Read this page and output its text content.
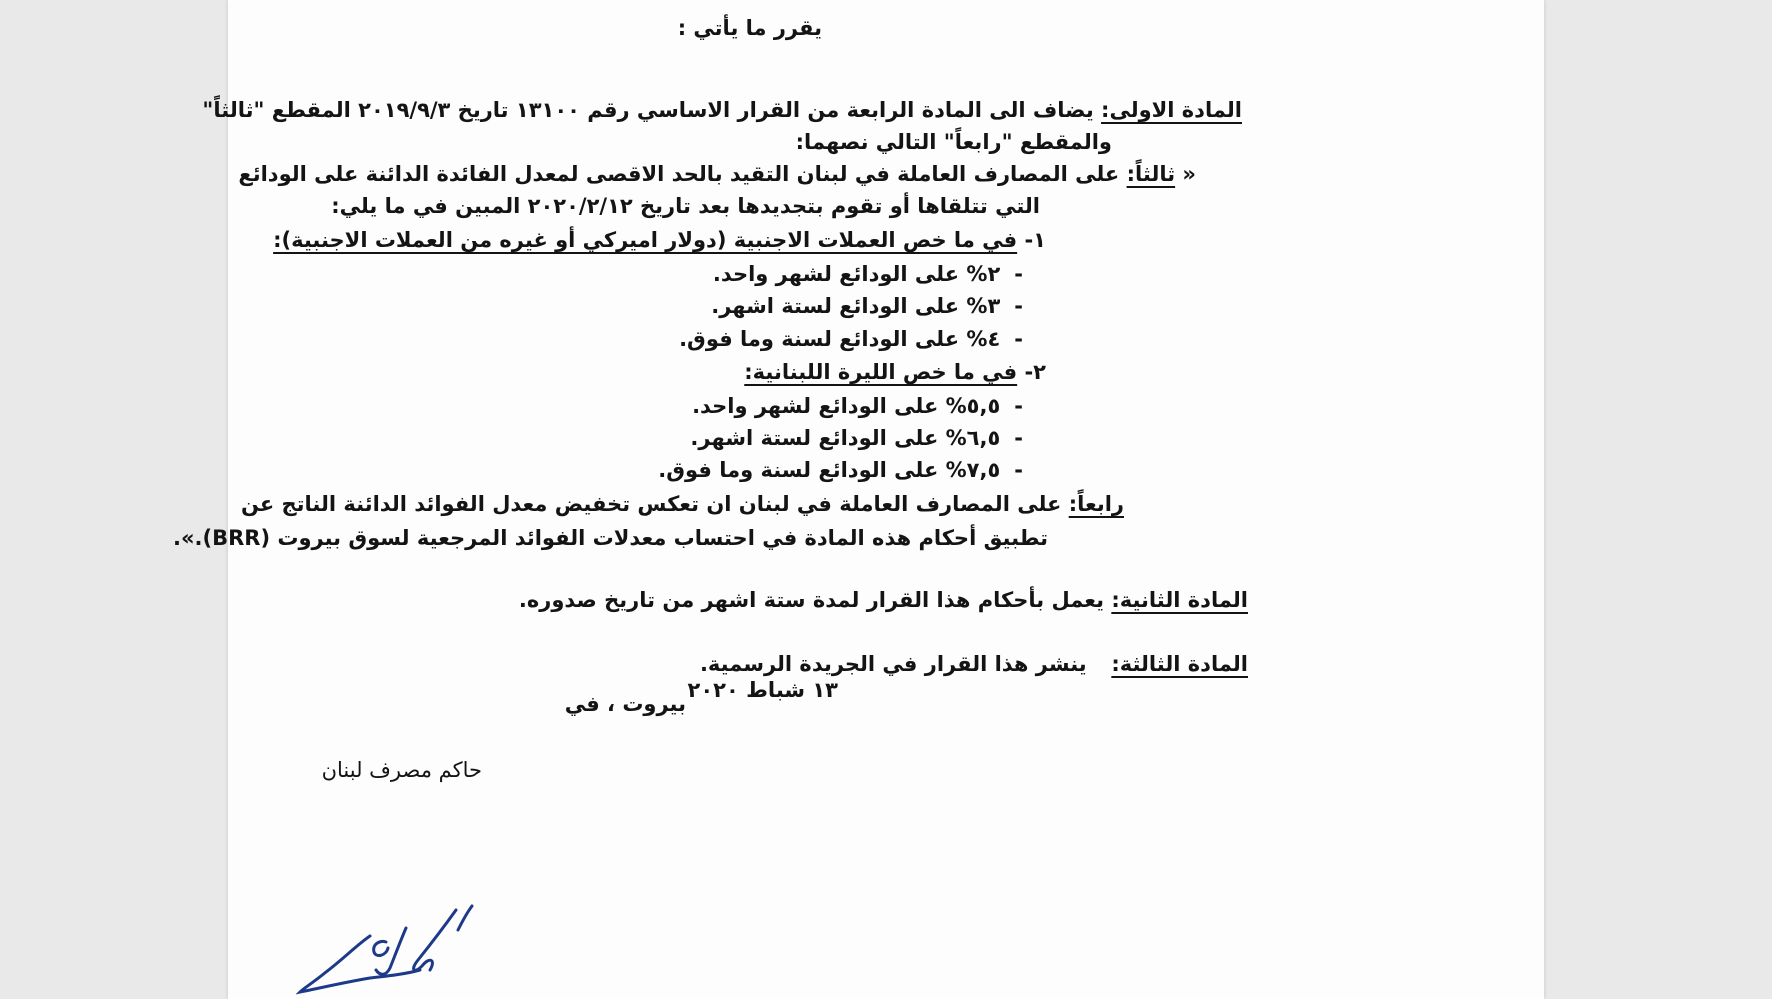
يقرر ما يأتي :

المادة الاولى: يضاف الى المادة الرابعة من القرار الاساسي رقم ١٣١٠٠ تاريخ ٢٠١٩/٩/٣ المقطع "ثالثاً"

والمقطع "رابعاً" التالي نصهما:

« ثالثاً: على المصارف العاملة في لبنان التقيد بالحد الاقصى لمعدل الفائدة الدائنة على الودائع

التي تتلقاها أو تقوم بتجديدها بعد تاريخ ٢٠٢٠/٢/١٢ المبين في ما يلي:

١- في ما خص العملات الاجنبية (دولار اميركي أو غيره من العملات الاجنبية):

-٢% على الودائع لشهر واحد.

-٣% على الودائع لستة اشهر.

-٤% على الودائع لسنة وما فوق.

٢- في ما خص الليرة اللبنانية:

-٥,٥% على الودائع لشهر واحد.

-٦,٥% على الودائع لستة اشهر.

-٧,٥% على الودائع لسنة وما فوق.

رابعاً: على المصارف العاملة في لبنان ان تعكس تخفيض معدل الفوائد الدائنة الناتج عن

تطبيق أحكام هذه المادة في احتساب معدلات الفوائد المرجعية لسوق بيروت (BRR).».

المادة الثانية: يعمل بأحكام هذا القرار لمدة ستة اشهر من تاريخ صدوره.

المادة الثالثة:  ينشر هذا القرار في الجريدة الرسمية.

١٣ شباط ٢٠٢٠

بيروت ، في

حاكم مصرف لبنان
